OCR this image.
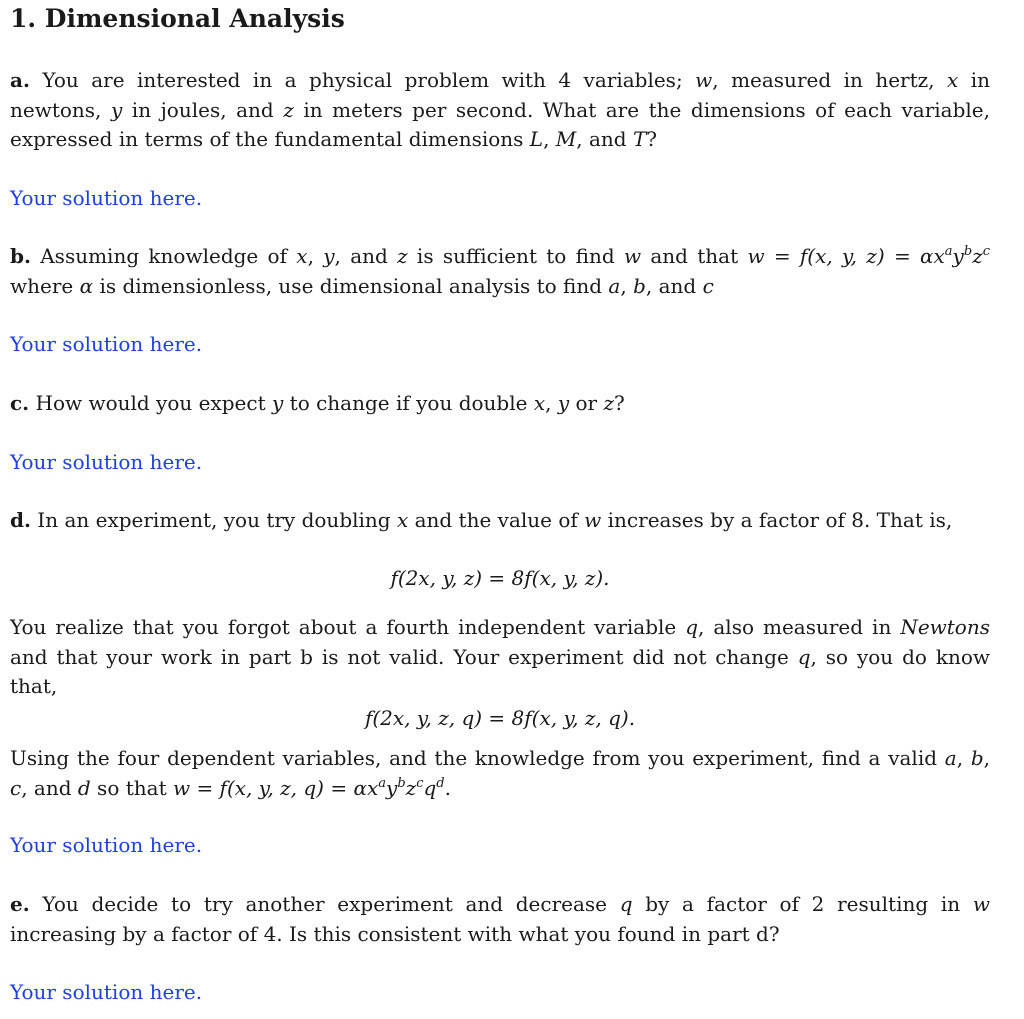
1. Dimensional Analysis

a. You are interested in a physical problem with 4 variables; w, measured in hertz, x in newtons, y in joules, and z in meters per second. What are the dimensions of each variable, expressed in terms of the fundamental dimensions L, M, and T?

Your solution here.

b. Assuming knowledge of x, y, and z is sufficient to find w and that w = f(x, y, $z) = \alpha x^ay^bz^c$ where α is dimensionless, use dimensional analysis to find a, b, and c

Your solution here.

c. How would you expect y to change if you double x, y or z?

Your solution here.

d. In an experiment, you try doubling x and the value of w increases by a factor of 8. That is,

f(2x, y, z) = 8f(x, y, z).

You realize that you forgot about a fourth independent variable q, also measured in Newtons and that your work in part b is not valid. Your experiment did not change q, so you do know that,

f(2x, y, z, q) = 8f(x, y, z, q).

Using the four dependent variables, and the knowledge from you experiment, find a valid a, b, c, and d so that w = f(x, y, z, $q) = \alpha x^ay^bz^cq^d$.

Your solution here.

e. You decide to try another experiment and decrease q by a factor of 2 resulting in w increasing by a factor of 4. Is this consistent with what you found in part d?

Your solution here.
